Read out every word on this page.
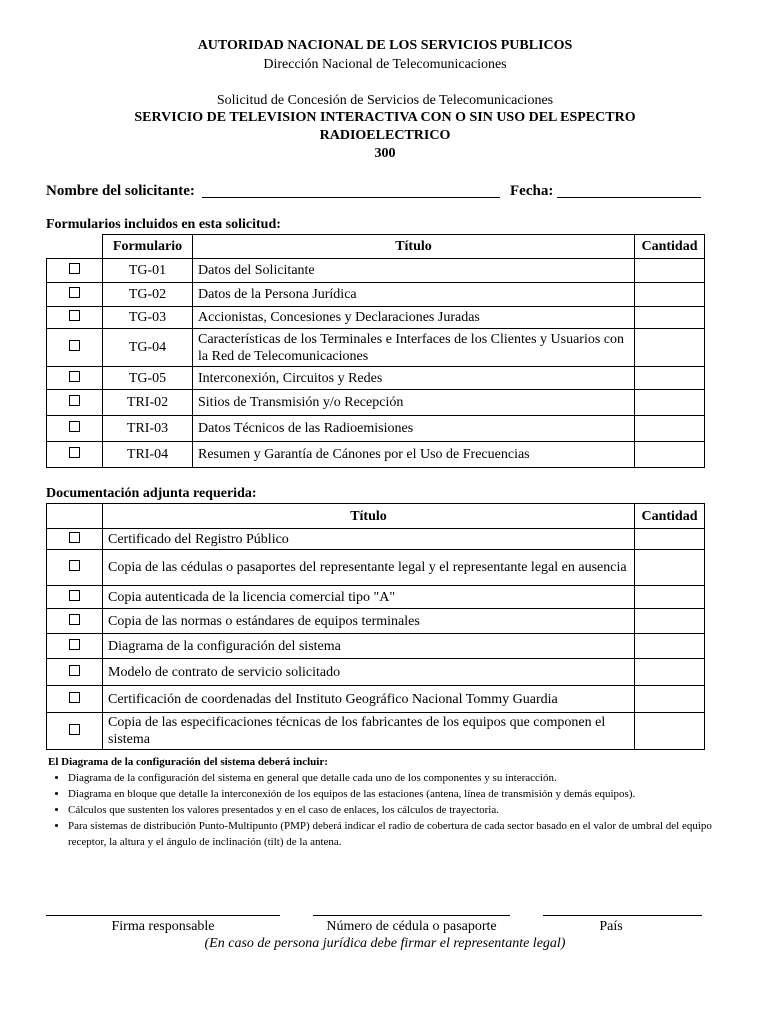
AUTORIDAD NACIONAL DE LOS SERVICIOS PUBLICOS
Dirección Nacional de Telecomunicaciones
Solicitud de Concesión de Servicios de Telecomunicaciones
SERVICIO DE TELEVISION INTERACTIVA CON O SIN USO DEL ESPECTRO
RADIOELECTRICO
300
Nombre del solicitante:	Fecha:
Formularios incluidos en esta solicitud:
	Formulario	Título	Cantidad
	TG-01	Datos del Solicitante	
	TG-02	Datos de la Persona Jurídica	
	TG-03	Accionistas, Concesiones y Declaraciones Juradas	
	TG-04	Características de los Terminales e Interfaces de los Clientes y Usuarios con la Red de Telecomunicaciones	
	TG-05	Interconexión, Circuitos y Redes	
	TRI-02	Sitios de Transmisión y/o Recepción	
	TRI-03	Datos Técnicos de las Radioemisiones	
	TRI-04	Resumen y Garantía de Cánones por el Uso de Frecuencias	
Documentación adjunta requerida:
	Título	Cantidad
	Certificado del Registro Público	
	Copia de las cédulas o pasaportes del representante legal y el representante legal en ausencia	
	Copia autenticada de la licencia comercial tipo "A"	
	Copia de las normas o estándares de equipos terminales	
	Diagrama de la configuración del sistema	
	Modelo de contrato de servicio solicitado	
	Certificación de coordenadas del Instituto Geográfico Nacional Tommy Guardia	
	Copia de las especificaciones técnicas de los fabricantes de los equipos que componen el sistema	
El Diagrama de la configuración del sistema deberá incluir:
• Diagrama de la configuración del sistema en general que detalle cada uno de los componentes y su interacción.
• Diagrama en bloque que detalle la interconexión de los equipos de las estaciones (antena, línea de transmisión y demás equipos).
• Cálculos que sustenten los valores presentados y en el caso de enlaces, los cálculos de trayectoria.
• Para sistemas de distribución Punto-Multipunto (PMP) deberá indicar el radio de cobertura de cada sector basado en el valor de umbral del equipo receptor, la altura y el ángulo de inclinación (tilt) de la antena.
Firma responsable	Número de cédula o pasaporte	País
(En caso de persona jurídica debe firmar el representante legal)
